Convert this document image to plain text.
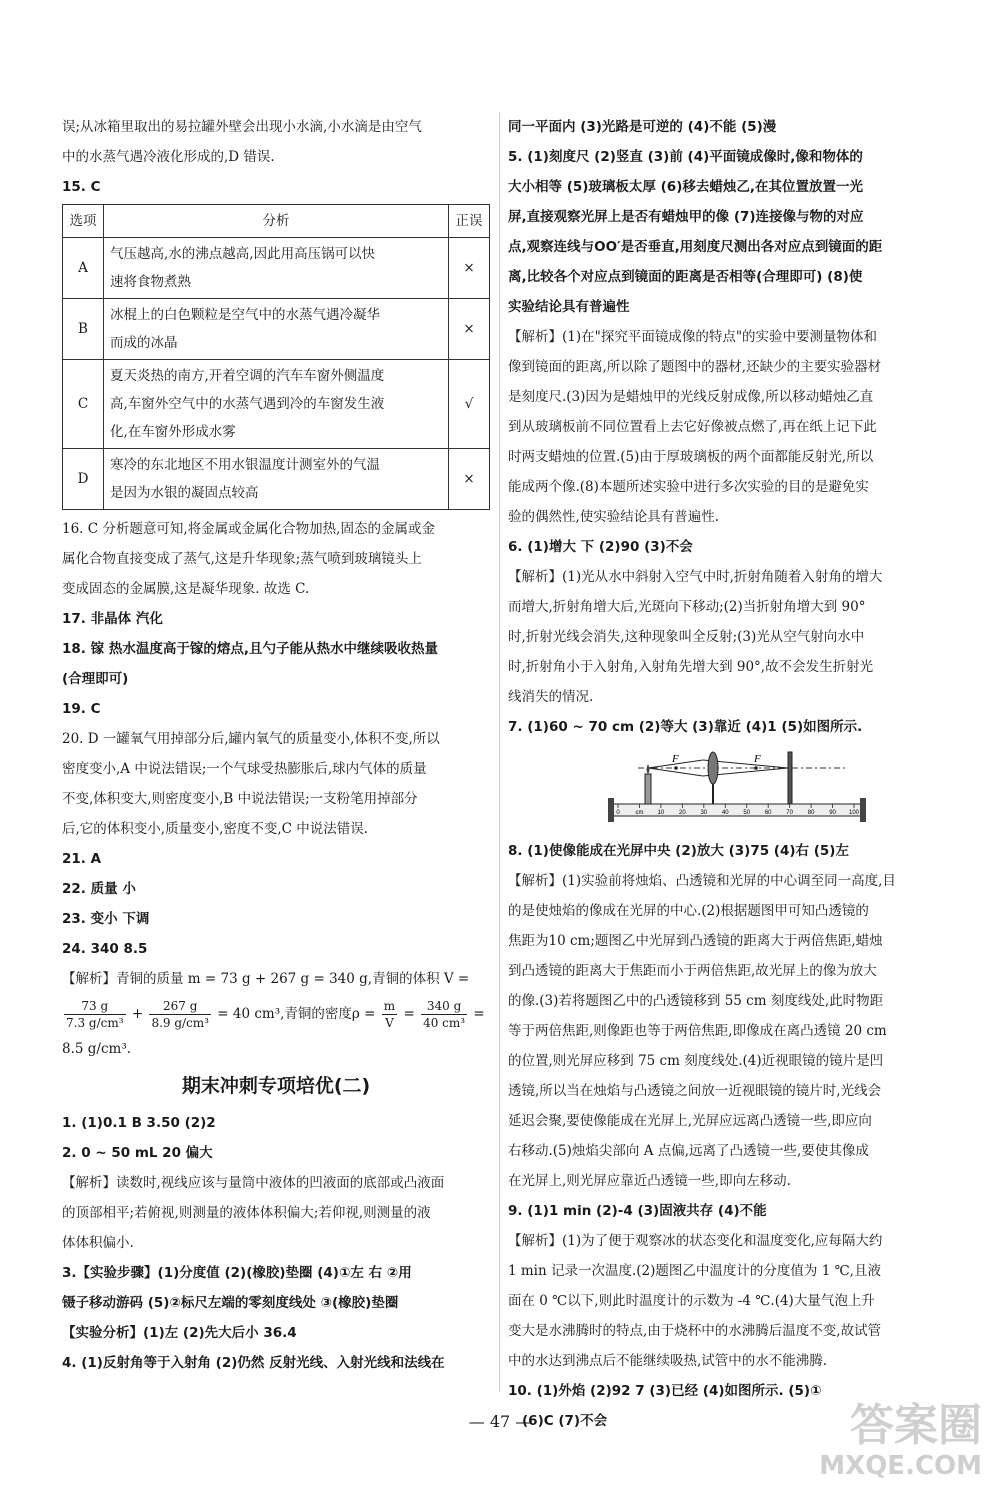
误;从冰箱里取出的易拉罐外壁会出现小水滴,小水滴是由空气
中的水蒸气遇冷液化形成的,D 错误.
15. C
选项	分析	正误
A	气压越高,水的沸点越高,因此用高压锅可以快
速将食物煮熟	×
B	冰棍上的白色颗粒是空气中的水蒸气遇冷凝华
而成的冰晶	×
C	夏天炎热的南方,开着空调的汽车车窗外侧温度
高,车窗外空气中的水蒸气遇到冷的车窗发生液
化,在车窗外形成水雾	√
D	寒冷的东北地区不用水银温度计测室外的气温
是因为水银的凝固点较高	×
16. C 分析题意可知,将金属或金属化合物加热,固态的金属或金
属化合物直接变成了蒸气,这是升华现象;蒸气喷到玻璃镜头上
变成固态的金属膜,这是凝华现象. 故选 C.
17. 非晶体 汽化
18. 镓 热水温度高于镓的熔点,且勺子能从热水中继续吸收热量
(合理即可)
19. C
20. D 一罐氧气用掉部分后,罐内氧气的质量变小,体积不变,所以
密度变小,A 中说法错误;一个气球受热膨胀后,球内气体的质量
不变,体积变大,则密度变小,B 中说法错误;一支粉笔用掉部分
后,它的体积变小,质量变小,密度不变,C 中说法错误.
21. A
22. 质量 小
23. 变小 下调
24. 340 8.5
【解析】青铜的质量 m = 73 g + 267 g = 340 g,青铜的体积 V =
$\frac{73 g}{\text{7.3 g/cm³}} + \frac{267 g}{\text{8.9 g/cm³}} = 40$ cm³,青铜的密度$\rho = \frac{m}{V} = \frac{340 g}{\text{40 cm³}}$ =
8.5 g/cm³.
期末冲刺专项培优(二)
1. (1)0.1 B 3.50 (2)2
2. 0 ~ 50 mL 20 偏大
【解析】读数时,视线应该与量筒中液体的凹液面的底部或凸液面
的顶部相平;若俯视,则测量的液体体积偏大;若仰视,则测量的液
体体积偏小.
3.【实验步骤】(1)分度值 (2)(橡胶)垫圈 (4)①左 右 ②用
镊子移动游码 (5)②标尺左端的零刻度线处 ③(橡胶)垫圈
【实验分析】(1)左 (2)先大后小 36.4
4. (1)反射角等于入射角 (2)仍然 反射光线、入射光线和法线在
同一平面内 (3)光路是可逆的 (4)不能 (5)漫
5. (1)刻度尺 (2)竖直 (3)前 (4)平面镜成像时,像和物体的
大小相等 (5)玻璃板太厚 (6)移去蜡烛乙,在其位置放置一光
屏,直接观察光屏上是否有蜡烛甲的像 (7)连接像与物的对应
点,观察连线与OO′是否垂直,用刻度尺测出各对应点到镜面的距
离,比较各个对应点到镜面的距离是否相等(合理即可) (8)使
实验结论具有普遍性
【解析】(1)在"探究平面镜成像的特点"的实验中要测量物体和
像到镜面的距离,所以除了题图中的器材,还缺少的主要实验器材
是刻度尺.(3)因为是蜡烛甲的光线反射成像,所以移动蜡烛乙直
到从玻璃板前不同位置看上去它好像被点燃了,再在纸上记下此
时两支蜡烛的位置.(5)由于厚玻璃板的两个面都能反射光,所以
能成两个像.(8)本题所述实验中进行多次实验的目的是避免实
验的偶然性,使实验结论具有普遍性.
6. (1)增大 下 (2)90 (3)不会
【解析】(1)光从水中斜射入空气中时,折射角随着入射角的增大
而增大,折射角增大后,光斑向下移动;(2)当折射角增大到 90°
时,折射光线会消失,这种现象叫全反射;(3)光从空气射向水中
时,折射角小于入射角,入射角先增大到 90°,故不会发生折射光
线消失的情况.
7. (1)60 ~ 70 cm (2)等大 (3)靠近 (4)1 (5)如图所示.
F	F
0	cm 10 20 30 40 50 60 70 80 90 100
8. (1)使像能成在光屏中央 (2)放大 (3)75 (4)右 (5)左
【解析】(1)实验前将烛焰、凸透镜和光屏的中心调至同一高度,目
的是使烛焰的像成在光屏的中心.(2)根据题图甲可知凸透镜的
焦距为10 cm;题图乙中光屏到凸透镜的距离大于两倍焦距,蜡烛
到凸透镜的距离大于焦距而小于两倍焦距,故光屏上的像为放大
的像.(3)若将题图乙中的凸透镜移到 55 cm 刻度线处,此时物距
等于两倍焦距,则像距也等于两倍焦距,即像成在离凸透镜 20 cm
的位置,则光屏应移到 75 cm 刻度线处.(4)近视眼镜的镜片是凹
透镜,所以当在烛焰与凸透镜之间放一近视眼镜的镜片时,光线会
延迟会聚,要使像能成在光屏上,光屏应远离凸透镜一些,即应向
右移动.(5)烛焰尖部向 A 点偏,远离了凸透镜一些,要使其像成
在光屏上,则光屏应靠近凸透镜一些,即向左移动.
9. (1)1 min (2)-4 (3)固液共存 (4)不能
【解析】(1)为了便于观察冰的状态变化和温度变化,应每隔大约
1 min 记录一次温度.(2)题图乙中温度计的分度值为 1 ℃,且液
面在 0 ℃以下,则此时温度计的示数为 -4 ℃.(4)大量气泡上升
变大是水沸腾时的特点,由于烧杯中的水沸腾后温度不变,故试管
中的水达到沸点后不能继续吸热,试管中的水不能沸腾.
10. (1)外焰 (2)92 7 (3)已经 (4)如图所示. (5)①
(6)C (7)不会
— 47 —	答案圈
MXQE.COM
